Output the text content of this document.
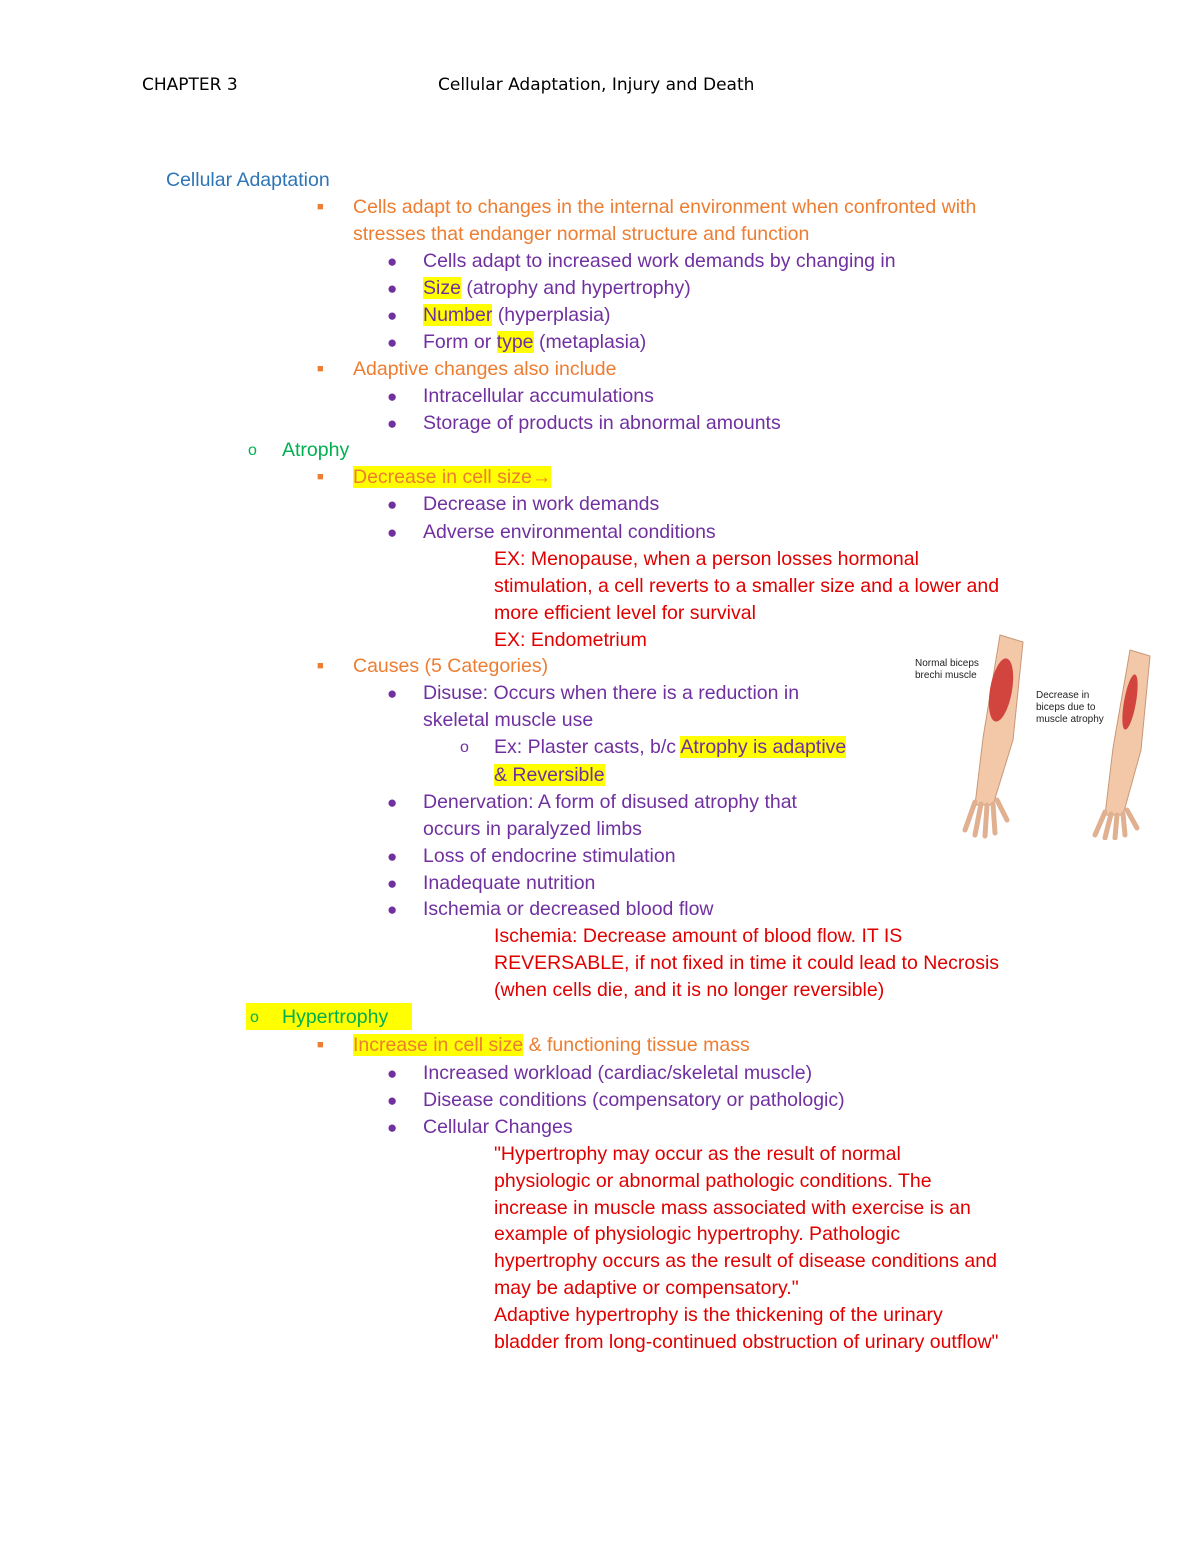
CHAPTER 3	Cellular Adaptation, Injury and Death
Cellular Adaptation
■ Cells adapt to changes in the internal environment when confronted with
stresses that endanger normal structure and function
● Cells adapt to increased work demands by changing in
● Size (atrophy and hypertrophy)
● Number (hyperplasia)
● Form or type (metaplasia)
■ Adaptive changes also include
● Intracellular accumulations
● Storage of products in abnormal amounts
o Atrophy
■ Decrease in cell size→
● Decrease in work demands
● Adverse environmental conditions
EX: Menopause, when a person losses hormonal
stimulation, a cell reverts to a smaller size and a lower and
more efficient level for survival
EX: Endometrium
■ Causes (5 Categories)
● Disuse: Occurs when there is a reduction in
skeletal muscle use
o Ex: Plaster casts, b/c Atrophy is adaptive
& Reversible
● Denervation: A form of disused atrophy that
occurs in paralyzed limbs
● Loss of endocrine stimulation
● Inadequate nutrition
● Ischemia or decreased blood flow
Ischemia: Decrease amount of blood flow. IT IS
REVERSABLE, if not fixed in time it could lead to Necrosis
(when cells die, and it is no longer reversible)
o Hypertrophy
■ Increase in cell size & functioning tissue mass
● Increased workload (cardiac/skeletal muscle)
● Disease conditions (compensatory or pathologic)
● Cellular Changes
"Hypertrophy may occur as the result of normal
physiologic or abnormal pathologic conditions. The
increase in muscle mass associated with exercise is an
example of physiologic hypertrophy. Pathologic
hypertrophy occurs as the result of disease conditions and
may be adaptive or compensatory."
Adaptive hypertrophy is the thickening of the urinary
bladder from long-continued obstruction of urinary outflow"
Normal biceps brechi muscle
Decrease in biceps due to muscle atrophy
